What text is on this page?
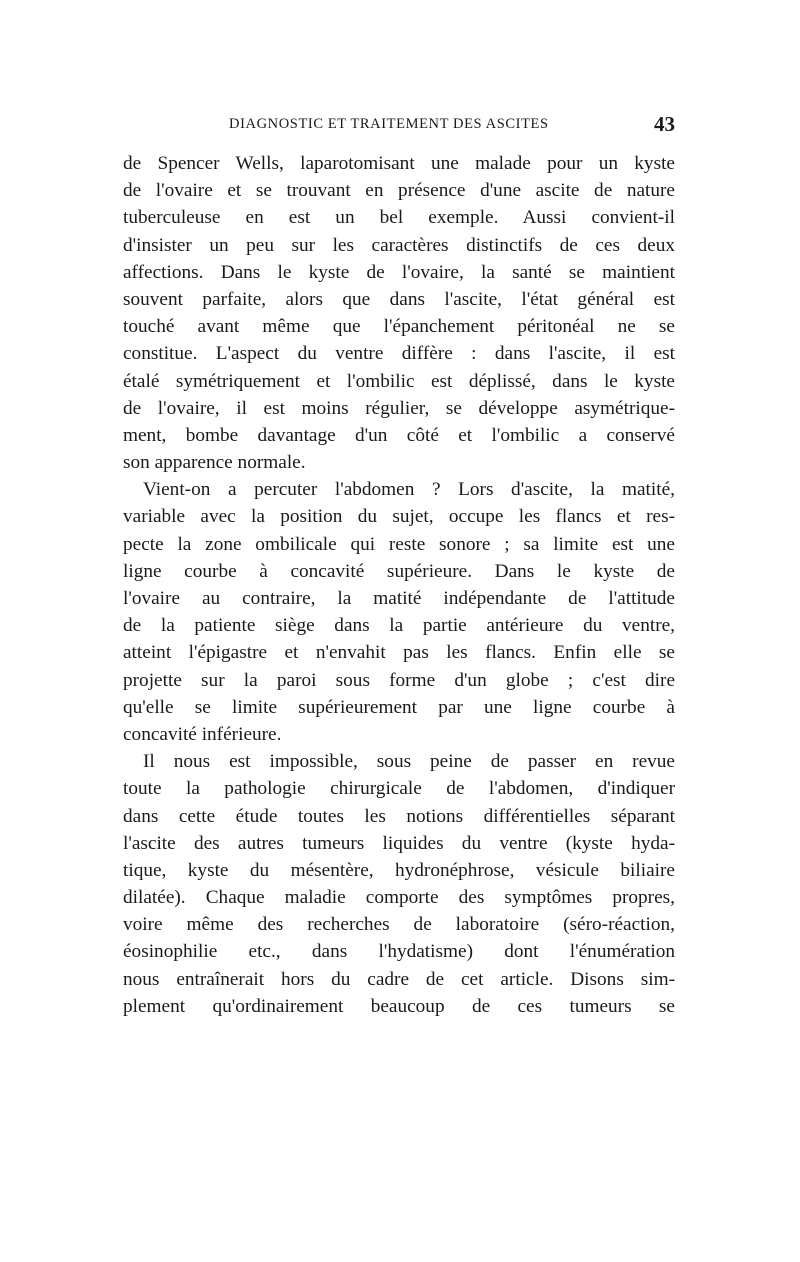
DIAGNOSTIC ET TRAITEMENT DES ASCITES	43
de Spencer Wells, laparotomisant une malade pour un kyste
de l'ovaire et se trouvant en présence d'une ascite de nature
tuberculeuse en est un bel exemple. Aussi convient-il
d'insister un peu sur les caractères distinctifs de ces deux
affections. Dans le kyste de l'ovaire, la santé se maintient
souvent parfaite, alors que dans l'ascite, l'état général est
touché avant même que l'épanchement péritonéal ne se
constitue. L'aspect du ventre diffère : dans l'ascite, il est
étalé symétriquement et l'ombilic est déplissé, dans le kyste
de l'ovaire, il est moins régulier, se développe asymétrique-
ment, bombe davantage d'un côté et l'ombilic a conservé
son apparence normale.
Vient-on a percuter l'abdomen ? Lors d'ascite, la matité,
variable avec la position du sujet, occupe les flancs et res-
pecte la zone ombilicale qui reste sonore ; sa limite est une
ligne courbe à concavité supérieure. Dans le kyste de
l'ovaire au contraire, la matité indépendante de l'attitude
de la patiente siège dans la partie antérieure du ventre,
atteint l'épigastre et n'envahit pas les flancs. Enfin elle se
projette sur la paroi sous forme d'un globe ; c'est dire
qu'elle se limite supérieurement par une ligne courbe à
concavité inférieure.
Il nous est impossible, sous peine de passer en revue
toute la pathologie chirurgicale de l'abdomen, d'indiquer
dans cette étude toutes les notions différentielles séparant
l'ascite des autres tumeurs liquides du ventre (kyste hyda-
tique, kyste du mésentère, hydronéphrose, vésicule biliaire
dilatée). Chaque maladie comporte des symptômes propres,
voire même des recherches de laboratoire (séro-réaction,
éosinophilie etc., dans l'hydatisme) dont l'énumération
nous entraînerait hors du cadre de cet article. Disons sim-
plement qu'ordinairement beaucoup de ces tumeurs se
